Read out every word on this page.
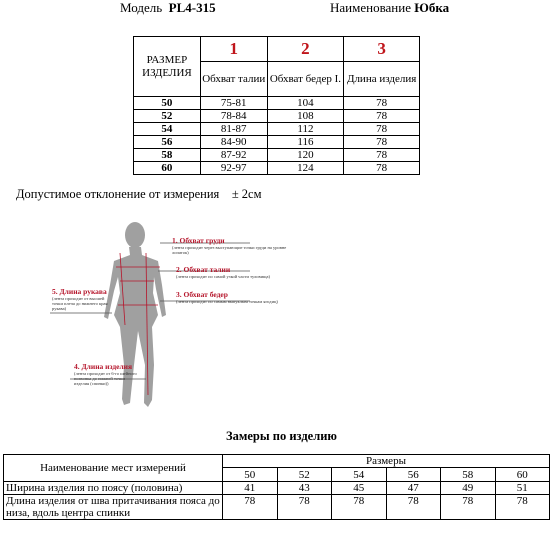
Модель PL4-315	Наименование Юбка
РАЗМЕР ИЗДЕЛИЯ	1	2	3
	Обхват талии	Обхват бедер I.	Длина изделия
50	75-81	104	78
52	78-84	108	78
54	81-87	112	78
56	84-90	116	78
58	87-92	120	78
60	92-97	124	78
Допустимое отклонение от измерения ± 2см
1. Обхват груди
(лента проходит через выступающие точки груди на уровне лопаток)
2. Обхват талии
(лента проходит по самой узкой части туловища)
3. Обхват бедер
(лента проходит по самым выпуклым точкам ягодиц)
5. Длина рукава
(лента проходит от высшей точки плеча до нижнего края рукава)
4. Длина изделия
(лента проходит от 6-го шейного позвонка до нижней точки изделия (спинки))
Замеры по изделию
Наименование мест измерений	Размеры					
	50	52	54	56	58	60
Ширина изделия по поясу (половина)	41	43	45	47	49	51
Длина изделия от шва притачивания пояса до низа, вдоль центра спинки	78	78	78	78	78	78
